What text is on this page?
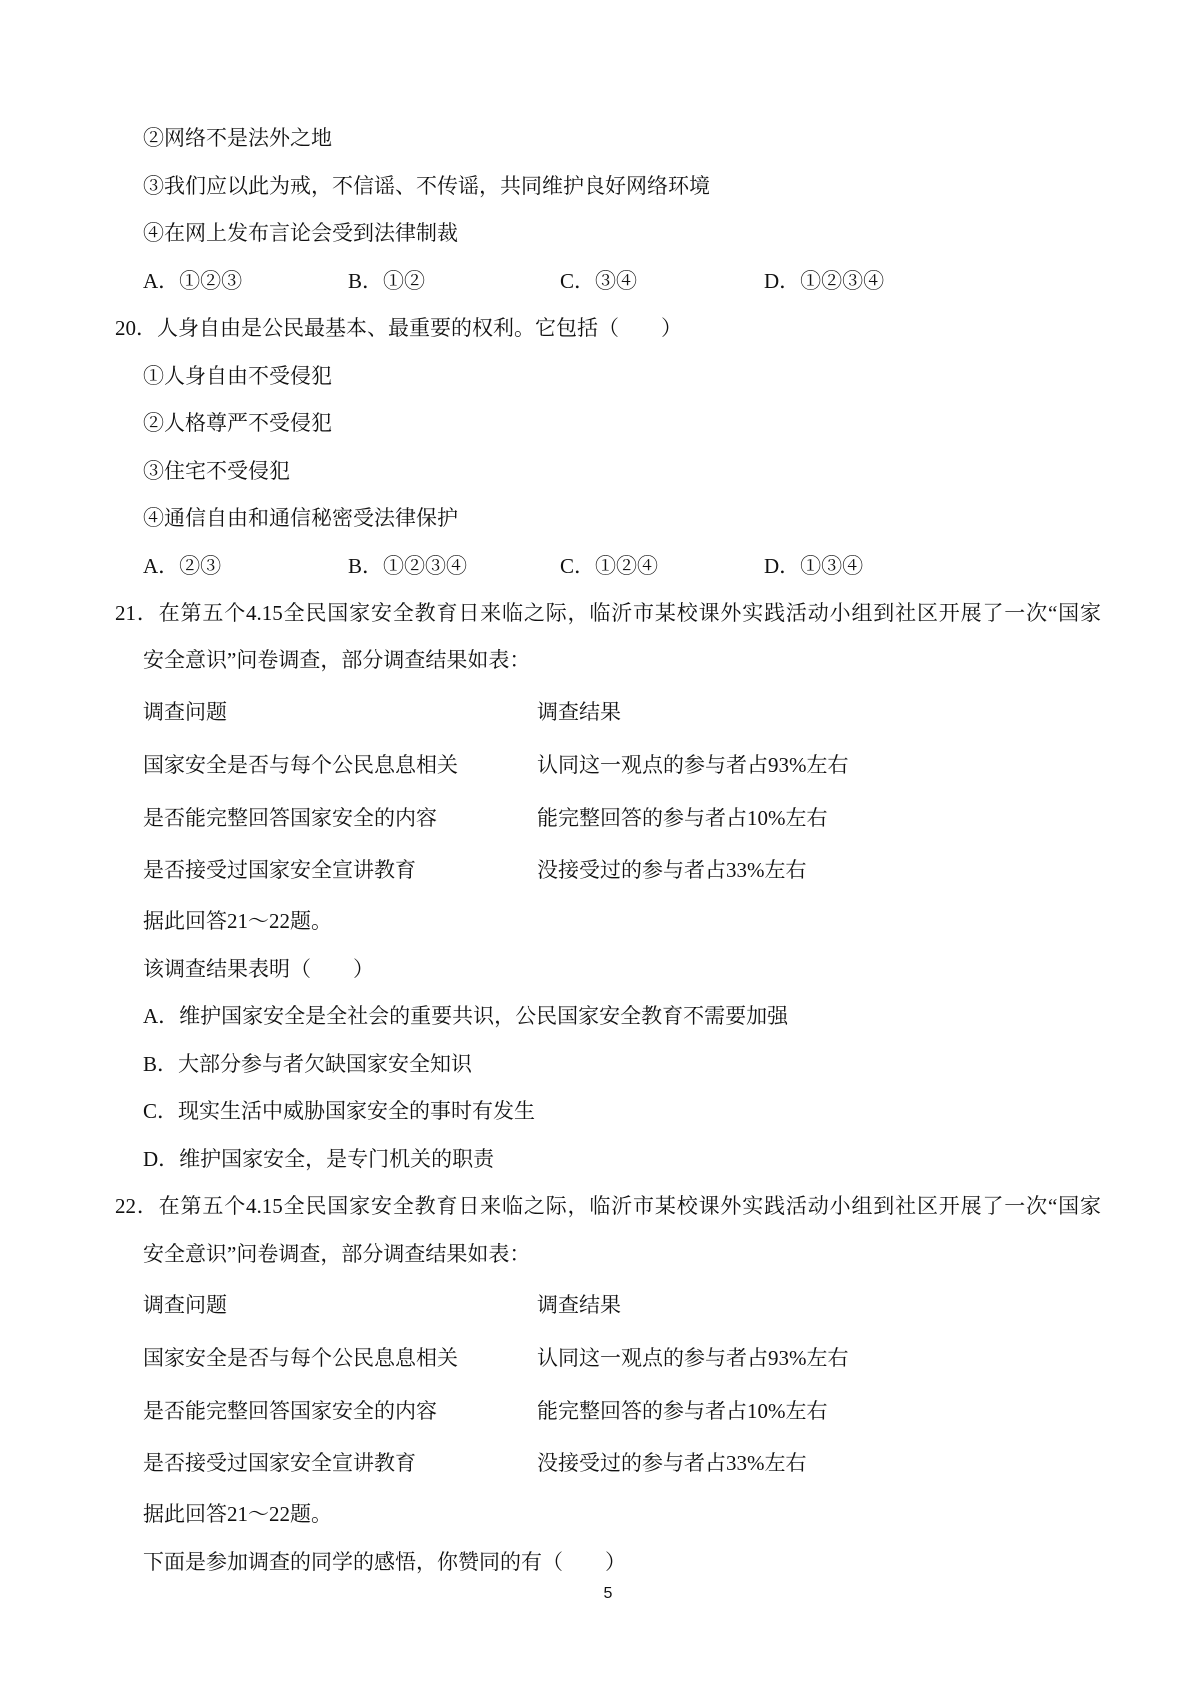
②网络不是法外之地
③我们应以此为戒，不信谣、不传谣，共同维护良好网络环境
④在网上发布言论会受到法律制裁
A．①②③	B．①②	C．③④	D．①②③④
20．人身自由是公民最基本、最重要的权利。它包括（　　）
①人身自由不受侵犯
②人格尊严不受侵犯
③住宅不受侵犯
④通信自由和通信秘密受法律保护
A．②③	B．①②③④	C．①②④	D．①③④
21．在第五个4.15全民国家安全教育日来临之际，临沂市某校课外实践活动小组到社区开展了一次“国家
安全意识”问卷调查，部分调查结果如表：
调查问题	调查结果
国家安全是否与每个公民息息相关	认同这一观点的参与者占93%左右
是否能完整回答国家安全的内容	能完整回答的参与者占10%左右
是否接受过国家安全宣讲教育	没接受过的参与者占33%左右
据此回答21～22题。
该调查结果表明（　　）
A．维护国家安全是全社会的重要共识，公民国家安全教育不需要加强
B．大部分参与者欠缺国家安全知识
C．现实生活中威胁国家安全的事时有发生
D．维护国家安全，是专门机关的职责
22．在第五个4.15全民国家安全教育日来临之际，临沂市某校课外实践活动小组到社区开展了一次“国家
安全意识”问卷调查，部分调查结果如表：
调查问题	调查结果
国家安全是否与每个公民息息相关	认同这一观点的参与者占93%左右
是否能完整回答国家安全的内容	能完整回答的参与者占10%左右
是否接受过国家安全宣讲教育	没接受过的参与者占33%左右
据此回答21～22题。
下面是参加调查的同学的感悟，你赞同的有（　　）
5
